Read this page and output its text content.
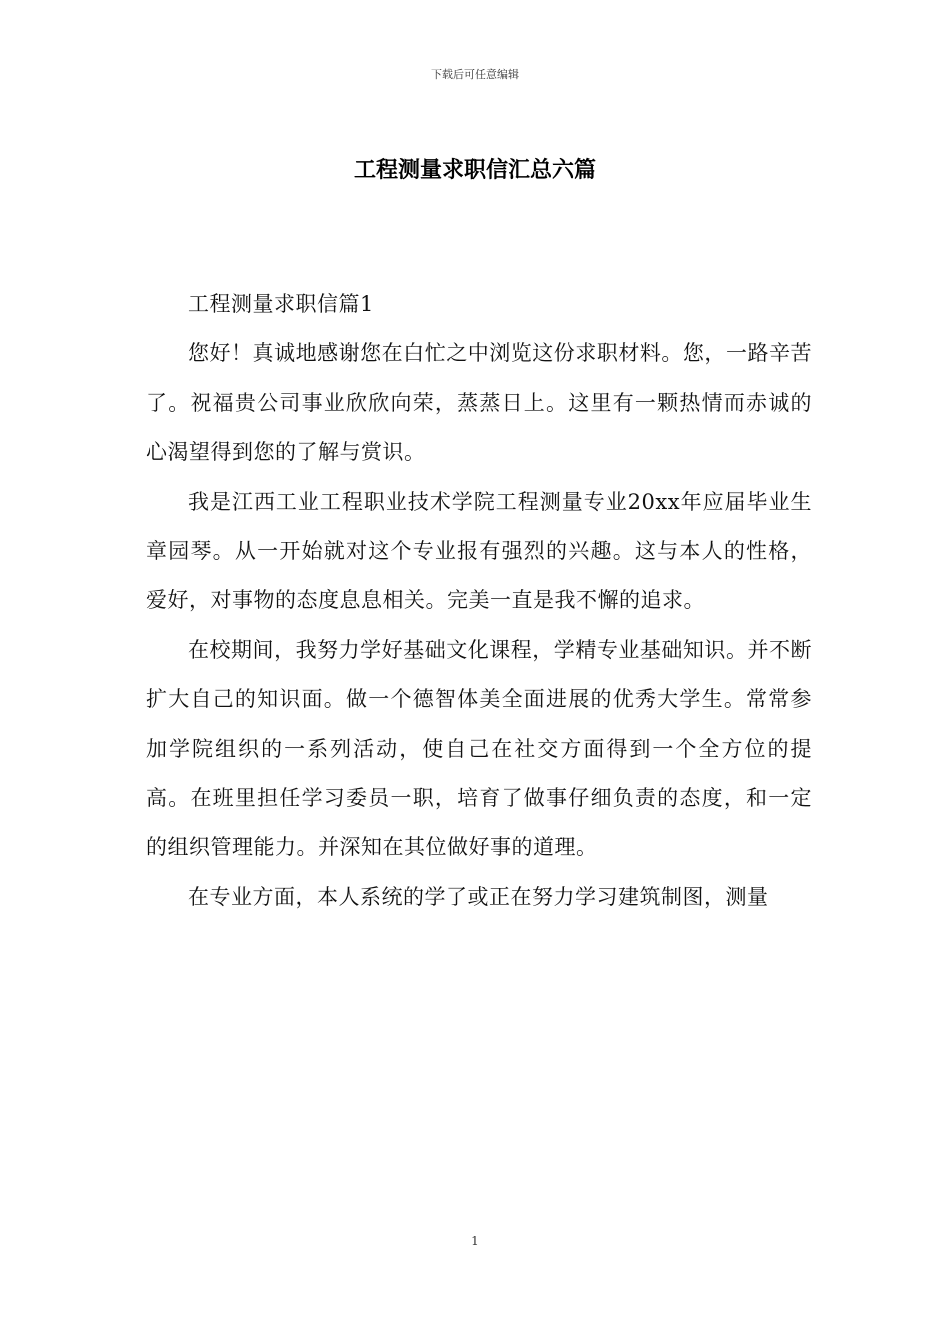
下载后可任意编辑
工程测量求职信汇总六篇

工程测量求职信篇1

您好！真诚地感谢您在白忙之中浏览这份求职材料。您，一路辛苦了。祝福贵公司事业欣欣向荣，蒸蒸日上。这里有一颗热情而赤诚的心渴望得到您的了解与赏识。

我是江西工业工程职业技术学院工程测量专业20xx年应届毕业生章园琴。从一开始就对这个专业报有强烈的兴趣。这与本人的性格，爱好，对事物的态度息息相关。完美一直是我不懈的追求。

在校期间，我努力学好基础文化课程，学精专业基础知识。并不断扩大自己的知识面。做一个德智体美全面进展的优秀大学生。常常参加学院组织的一系列活动，使自己在社交方面得到一个全方位的提高。在班里担任学习委员一职，培育了做事仔细负责的态度，和一定的组织管理能力。并深知在其位做好事的道理。

在专业方面，本人系统的学了或正在努力学习建筑制图，测量

1
